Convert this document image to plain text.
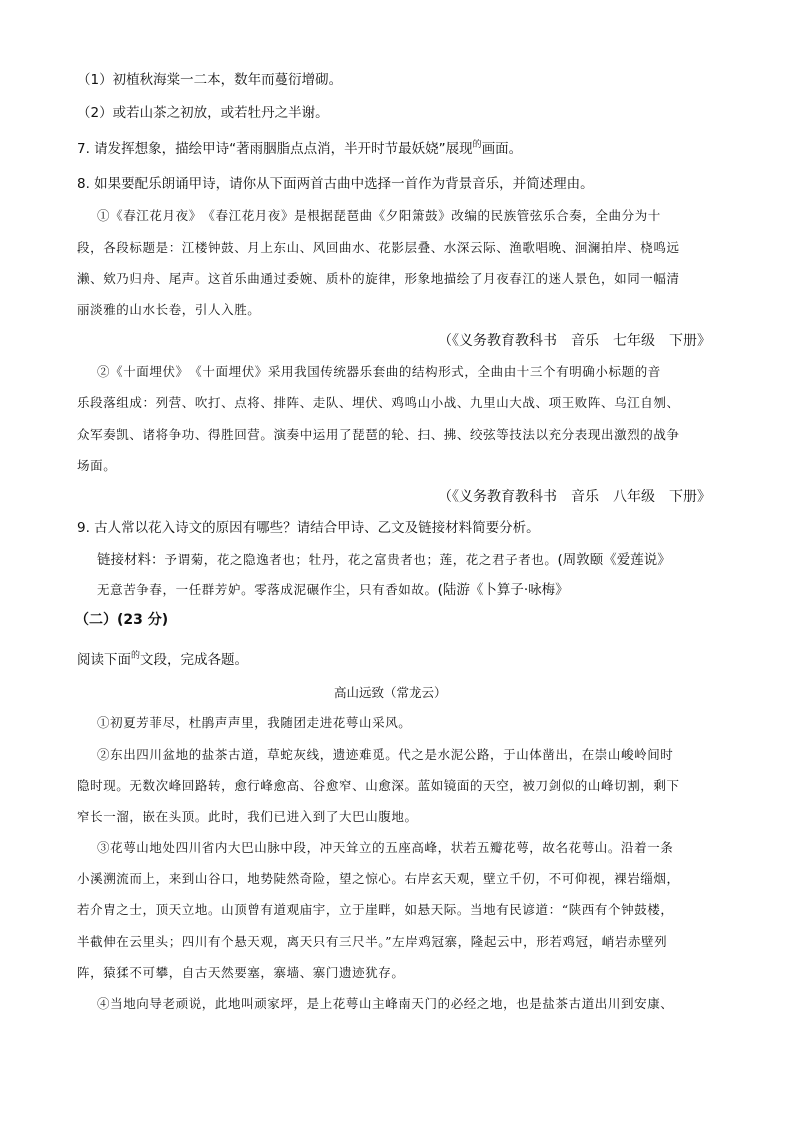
（1）初植秋海棠一二本，数年而蔓衍增砌。

（2）或若山茶之初放，或若牡丹之半谢。

7. 请发挥想象，描绘甲诗“著雨胭脂点点消，半开时节最妖娆”展现$^的$画面。

8. 如果要配乐朗诵甲诗，请你从下面两首古曲中选择一首作为背景音乐，并简述理由。

①《春江花月夜》　《春江花月夜》是根据琵琶曲《夕阳箫鼓》改编的民族管弦乐合奏，全曲分为十

段，各段标题是：江楼钟鼓、月上东山、风回曲水、花影层叠、水深云际、渔歌唱晚、洄澜拍岸、桡鸣远

濑、欸乃归舟、尾声。这首乐曲通过委婉、质朴的旋律，形象地描绘了月夜春江的迷人景色，如同一幅清

丽淡雅的山水长卷，引人入胜。

（《义务教育教科书　音乐　七年级　下册》

②《十面埋伏》　《十面埋伏》采用我国传统器乐套曲的结构形式，全曲由十三个有明确小标题的音

乐段落组成：列营、吹打、点将、排阵、走队、埋伏、鸡鸣山小战、九里山大战、项王败阵、乌江自刎、

众军奏凯、诸将争功、得胜回营。演奏中运用了琵琶的轮、扫、拂、绞弦等技法以充分表现出激烈的战争

场面。

（《义务教育教科书　音乐　八年级　下册》

9. 古人常以花入诗文的原因有哪些？请结合甲诗、乙文及链接材料简要分析。

链接材料：予谓菊，花之隐逸者也；牡丹，花之富贵者也；莲，花之君子者也。(周敦颐《爱莲说》

无意苦争春，一任群芳妒。零落成泥碾作尘，只有香如故。(陆游《卜算子·咏梅》

（二）(23 分)

阅读下面$^的$文段，完成各题。

高山远致（常龙云）

①初夏芳菲尽，杜鹃声声里，我随团走进花萼山采风。

②东出四川盆地的盐茶古道，草蛇灰线，遗迹难觅。代之是水泥公路，于山体凿出，在崇山峻岭间时

隐时现。无数次峰回路转，愈行峰愈高、谷愈窄、山愈深。蓝如镜面的天空，被刀剑似的山峰切割，剩下

窄长一溜，嵌在头顶。此时，我们已进入到了大巴山腹地。

③花萼山地处四川省内大巴山脉中段，冲天耸立的五座高峰，状若五瓣花萼，故名花萼山。沿着一条

小溪溯流而上，来到山谷口，地势陡然奇险，望之惊心。右岸玄天观，壁立千仞，不可仰视，裸岩缁烟，

若介胄之士，顶天立地。山顶曾有道观庙宇，立于崖畔，如悬天际。当地有民谚道：“陕西有个钟鼓楼，

半截伸在云里头；四川有个悬天观，离天只有三尺半。”左岸鸡冠寨，隆起云中，形若鸡冠，峭岩赤壁列

阵，猿猱不可攀，自古天然要塞，寨墙、寨门遗迹犹存。

④当地向导老顽说，此地叫顽家坪，是上花萼山主峰南天门的必经之地，也是盐茶古道出川到安康、
